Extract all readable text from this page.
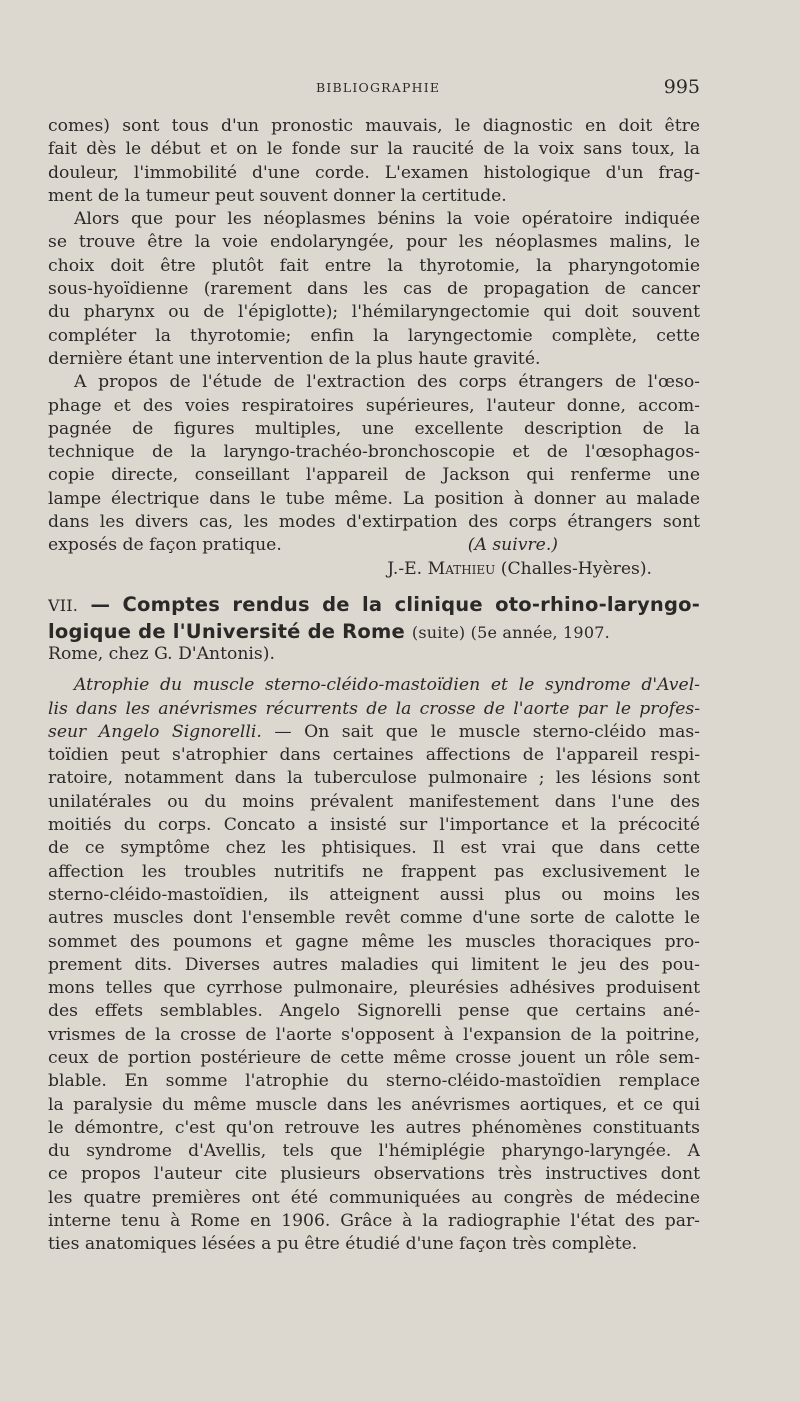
BIBLIOGRAPHIE	995
comes) sont tous d'un pronostic mauvais, le diagnostic en doit être
fait dès le début et on le fonde sur la raucité de la voix sans toux, la
douleur, l'immobilité d'une corde. L'examen histologique d'un frag-
ment de la tumeur peut souvent donner la certitude.
Alors que pour les néoplasmes bénins la voie opératoire indiquée
se trouve être la voie endolaryngée, pour les néoplasmes malins, le
choix doit être plutôt fait entre la thyrotomie, la pharyngotomie
sous-hyoïdienne (rarement dans les cas de propagation de cancer
du pharynx ou de l'épiglotte); l'hémilaryngectomie qui doit souvent
compléter la thyrotomie; enfin la laryngectomie complète, cette
dernière étant une intervention de la plus haute gravité.
A propos de l'étude de l'extraction des corps étrangers de l'œso-
phage et des voies respiratoires supérieures, l'auteur donne, accom-
pagnée de figures multiples, une excellente description de la
technique de la laryngo-trachéo-bronchoscopie et de l'œsophagos-
copie directe, conseillant l'appareil de Jackson qui renferme une
lampe électrique dans le tube même. La position à donner au malade
dans les divers cas, les modes d'extirpation des corps étrangers sont
exposés de façon pratique.	(A suivre.)
J.-E. Mathieu (Challes-Hyères).
VII. — Comptes rendus de la clinique oto-rhino-laryngo-
logique de l'Université de Rome (suite) (5e année, 1907.
Rome, chez G. D'Antonis).
Atrophie du muscle sterno-cléido-mastoïdien et le syndrome d'Avel-
lis dans les anévrismes récurrents de la crosse de l'aorte par le profes-
seur Angelo Signorelli. — On sait que le muscle sterno-cléido mas-
toïdien peut s'atrophier dans certaines affections de l'appareil respi-
ratoire, notamment dans la tuberculose pulmonaire ; les lésions sont
unilatérales ou du moins prévalent manifestement dans l'une des
moitiés du corps. Concato a insisté sur l'importance et la précocité
de ce symptôme chez les phtisiques. Il est vrai que dans cette
affection les troubles nutritifs ne frappent pas exclusivement le
sterno-cléido-mastoïdien, ils atteignent aussi plus ou moins les
autres muscles dont l'ensemble revêt comme d'une sorte de calotte le
sommet des poumons et gagne même les muscles thoraciques pro-
prement dits. Diverses autres maladies qui limitent le jeu des pou-
mons telles que cyrrhose pulmonaire, pleurésies adhésives produisent
des effets semblables. Angelo Signorelli pense que certains ané-
vrismes de la crosse de l'aorte s'opposent à l'expansion de la poitrine,
ceux de portion postérieure de cette même crosse jouent un rôle sem-
blable. En somme l'atrophie du sterno-cléido-mastoïdien remplace
la paralysie du même muscle dans les anévrismes aortiques, et ce qui
le démontre, c'est qu'on retrouve les autres phénomènes constituants
du syndrome d'Avellis, tels que l'hémiplégie pharyngo-laryngée. A
ce propos l'auteur cite plusieurs observations très instructives dont
les quatre premières ont été communiquées au congrès de médecine
interne tenu à Rome en 1906. Grâce à la radiographie l'état des par-
ties anatomiques lésées a pu être étudié d'une façon très complète.
